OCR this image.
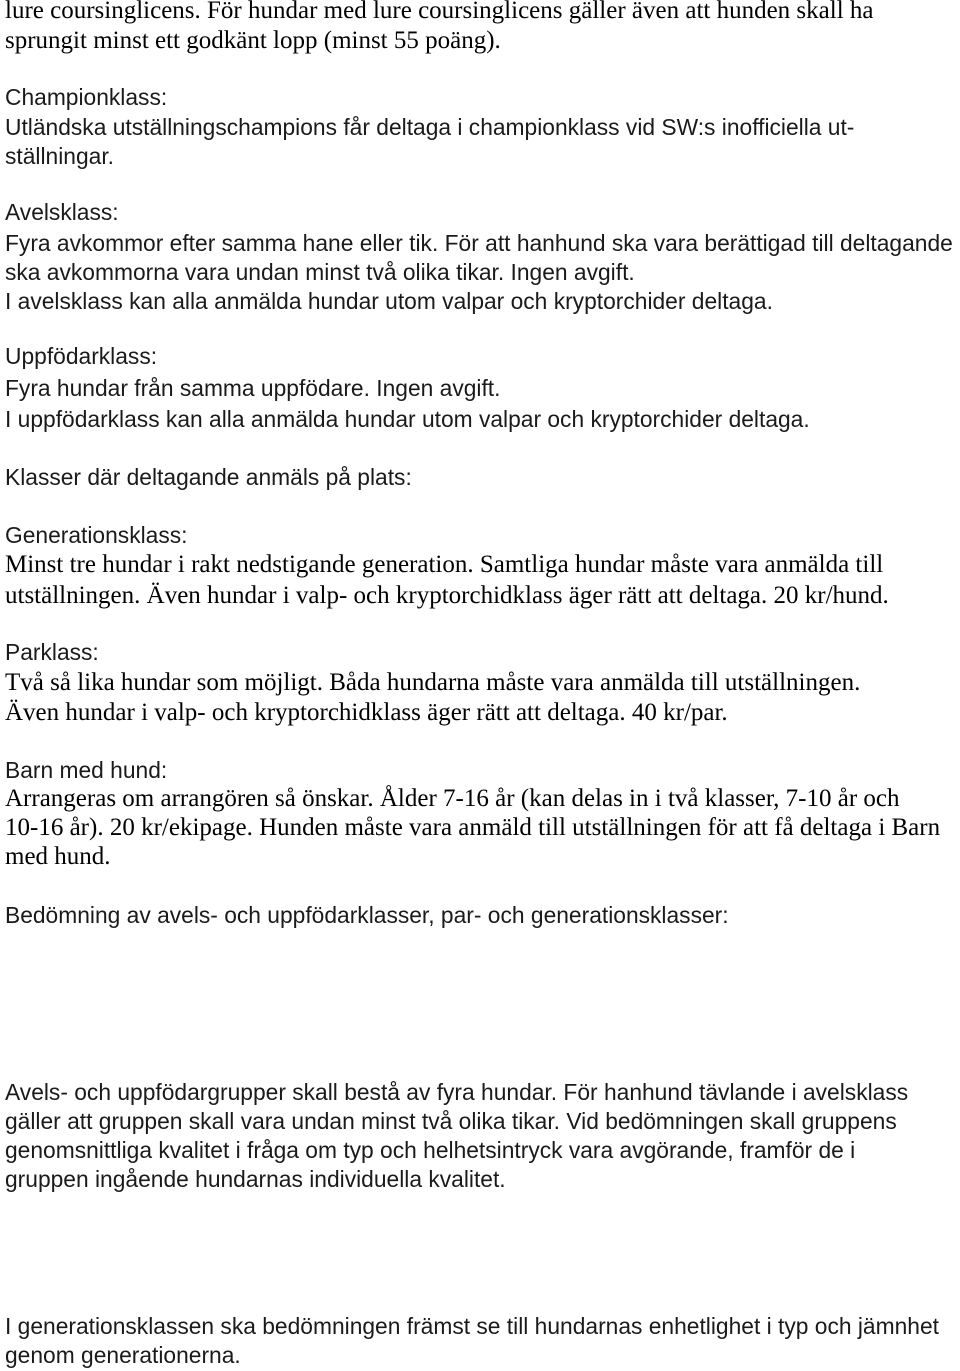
lure coursinglicens. För hundar med lure coursinglicens gäller även att hunden skall ha
sprungit minst ett godkänt lopp (minst 55 poäng).
Championklass:
Utländska utställningschampions får deltaga i championklass vid SW:s inofficiella ut-
ställningar.
Avelsklass:
Fyra avkommor efter samma hane eller tik. För att hanhund ska vara berättigad till deltagande
ska avkommorna vara undan minst två olika tikar. Ingen avgift.
I avelsklass kan alla anmälda hundar utom valpar och kryptorchider deltaga.
Uppfödarklass:
Fyra hundar från samma uppfödare. Ingen avgift.
I uppfödarklass kan alla anmälda hundar utom valpar och kryptorchider deltaga.
Klasser där deltagande anmäls på plats:
Generationsklass:
Minst tre hundar i rakt nedstigande generation. Samtliga hundar måste vara anmälda till
utställningen. Även hundar i valp- och kryptorchidklass äger rätt att deltaga. 20 kr/hund.
Parklass:
Två så lika hundar som möjligt. Båda hundarna måste vara anmälda till utställningen.
Även hundar i valp- och kryptorchidklass äger rätt att deltaga. 40 kr/par.
Barn med hund:
Arrangeras om arrangören så önskar. Ålder 7-16 år (kan delas in i två klasser, 7-10 år och
10-16 år). 20 kr/ekipage. Hunden måste vara anmäld till utställningen för att få deltaga i Barn
med hund.
Bedömning av avels- och uppfödarklasser, par- och generationsklasser:
Avels- och uppfödargrupper skall bestå av fyra hundar. För hanhund tävlande i avelsklass
gäller att gruppen skall vara undan minst två olika tikar. Vid bedömningen skall gruppens
genomsnittliga kvalitet i fråga om typ och helhetsintryck vara avgörande, framför de i
gruppen ingående hundarnas individuella kvalitet.
I generationsklassen ska bedömningen främst se till hundarnas enhetlighet i typ och jämnhet
genom generationerna.
